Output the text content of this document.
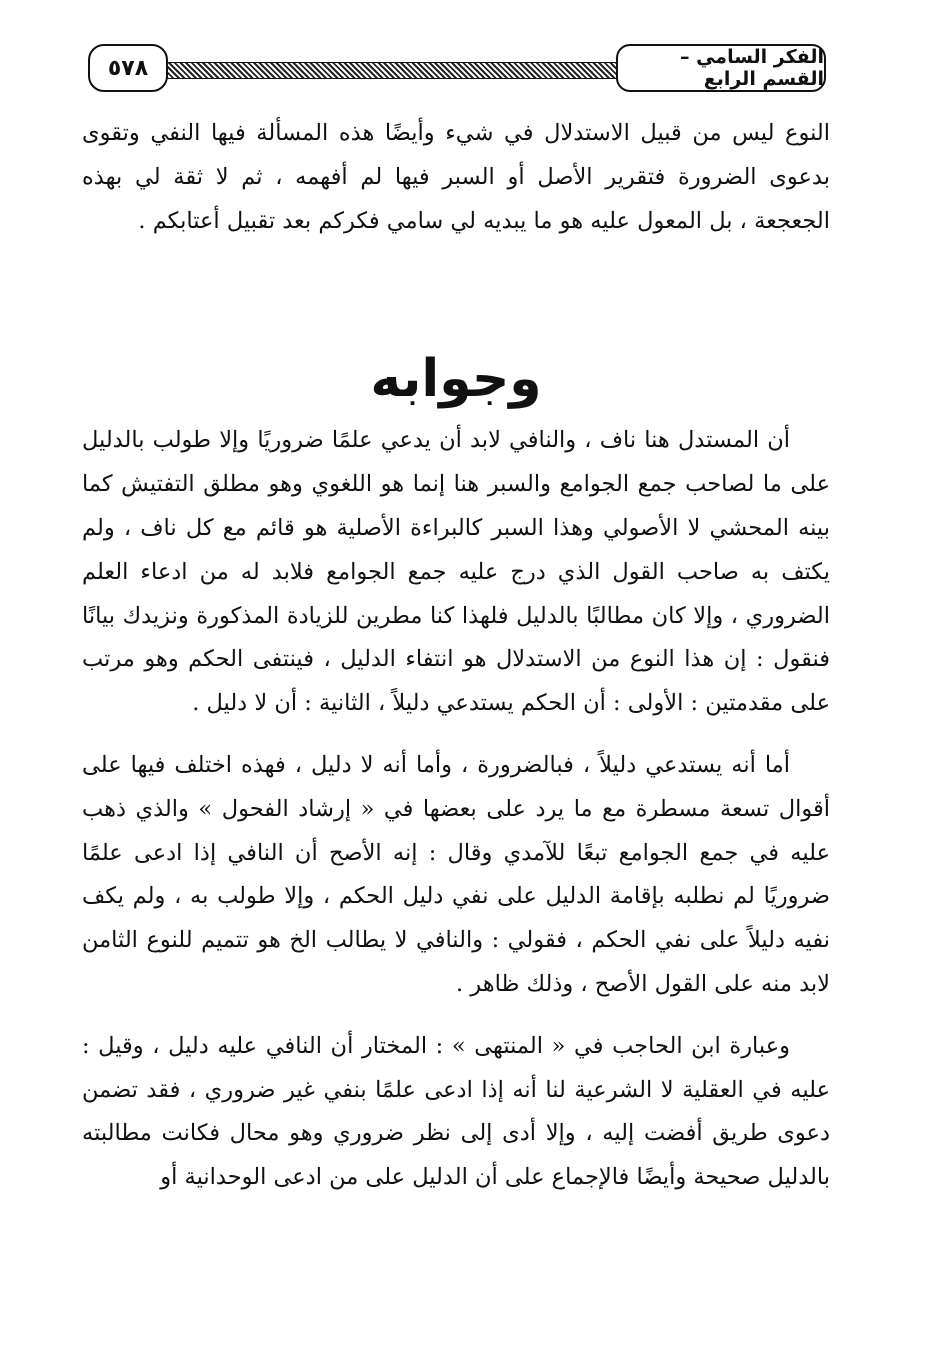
الفكر السامي – القسم الرابع
٥٧٨

النوع ليس من قبيل الاستدلال في شيء وأيضًا هذه المسألة فيها النفي وتقوى بدعوى الضرورة فتقرير الأصل أو السبر فيها لم أفهمه ، ثم لا ثقة لي بهذه الجعجعة ، بل المعول عليه هو ما يبديه لي سامي فكركم بعد تقبيل أعتابكم .

وجوابه

أن المستدل هنا ناف ، والنافي لابد أن يدعي علمًا ضروريًا وإلا طولب بالدليل على ما لصاحب جمع الجوامع والسبر هنا إنما هو اللغوي وهو مطلق التفتيش كما بينه المحشي لا الأصولي وهذا السبر كالبراءة الأصلية هو قائم مع كل ناف ، ولم يكتف به صاحب القول الذي درج عليه جمع الجوامع فلابد له من ادعاء العلم الضروري ، وإلا كان مطالبًا بالدليل فلهذا كنا مطرين للزيادة المذكورة ونزيدك بيانًا فنقول : إن هذا النوع من الاستدلال هو انتفاء الدليل ، فينتفى الحكم وهو مرتب على مقدمتين : الأولى : أن الحكم يستدعي دليلاً ، الثانية : أن لا دليل .

أما أنه يستدعي دليلاً ، فبالضرورة ، وأما أنه لا دليل ، فهذه اختلف فيها على أقوال تسعة مسطرة مع ما يرد على بعضها في « إرشاد الفحول » والذي ذهب عليه في جمع الجوامع تبعًا للآمدي وقال : إنه الأصح أن النافي إذا ادعى علمًا ضروريًا لم نطلبه بإقامة الدليل على نفي دليل الحكم ، وإلا طولب به ، ولم يكف نفيه دليلاً على نفي الحكم ، فقولي : والنافي لا يطالب الخ هو تتميم للنوع الثامن لابد منه على القول الأصح ، وذلك ظاهر .

وعبارة ابن الحاجب في « المنتهى » : المختار أن النافي عليه دليل ، وقيل : عليه في العقلية لا الشرعية لنا أنه إذا ادعى علمًا بنفي غير ضروري ، فقد تضمن دعوى طريق أفضت إليه ، وإلا أدى إلى نظر ضروري وهو محال فكانت مطالبته بالدليل صحيحة وأيضًا فالإجماع على أن الدليل على من ادعى الوحدانية أو
